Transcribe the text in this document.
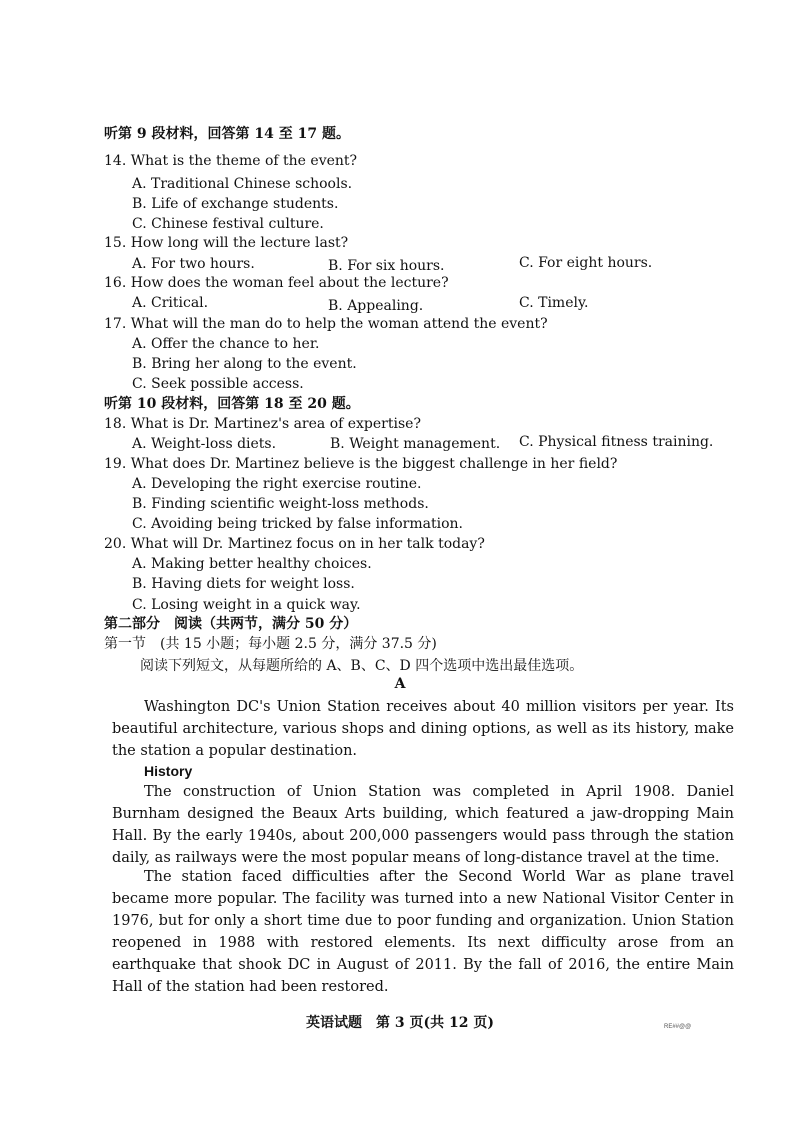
听第 9 段材料，回答第 14 至 17 题。
14. What is the theme of the event?
A. Traditional Chinese schools.
B. Life of exchange students.
C. Chinese festival culture.
15. How long will the lecture last?
A. For two hours.	B. For six hours.	C. For eight hours.
16. How does the woman feel about the lecture?
A. Critical.	B. Appealing.	C. Timely.
17. What will the man do to help the woman attend the event?
A. Offer the chance to her.
B. Bring her along to the event.
C. Seek possible access.
听第 10 段材料，回答第 18 至 20 题。
18. What is Dr. Martinez's area of expertise?
A. Weight-loss diets.	B. Weight management. C. Physical fitness training.
19. What does Dr. Martinez believe is the biggest challenge in her field?
A. Developing the right exercise routine.
B. Finding scientific weight-loss methods.
C. Avoiding being tricked by false information.
20. What will Dr. Martinez focus on in her talk today?
A. Making better healthy choices.
B. Having diets for weight loss.
C. Losing weight in a quick way.
第二部分　阅读（共两节，满分 50 分）
第一节　(共 15 小题；每小题 2.5 分，满分 37.5 分)
阅读下列短文，从每题所给的 A、B、C、D 四个选项中选出最佳选项。
A
Washington DC's Union Station receives about 40 million visitors per year. Its beautiful architecture, various shops and dining options, as well as its history, make the station a popular destination.
History
The construction of Union Station was completed in April 1908. Daniel Burnham designed the Beaux Arts building, which featured a jaw-dropping Main Hall. By the early 1940s, about 200,000 passengers would pass through the station daily, as railways were the most popular means of long-distance travel at the time.
The station faced difficulties after the Second World War as plane travel became more popular. The facility was turned into a new National Visitor Center in 1976, but for only a short time due to poor funding and organization. Union Station reopened in 1988 with restored elements. Its next difficulty arose from an earthquake that shook DC in August of 2011. By the fall of 2016, the entire Main Hall of the station had been restored.
英语试题　第 3 页(共 12 页)	RE##@@
